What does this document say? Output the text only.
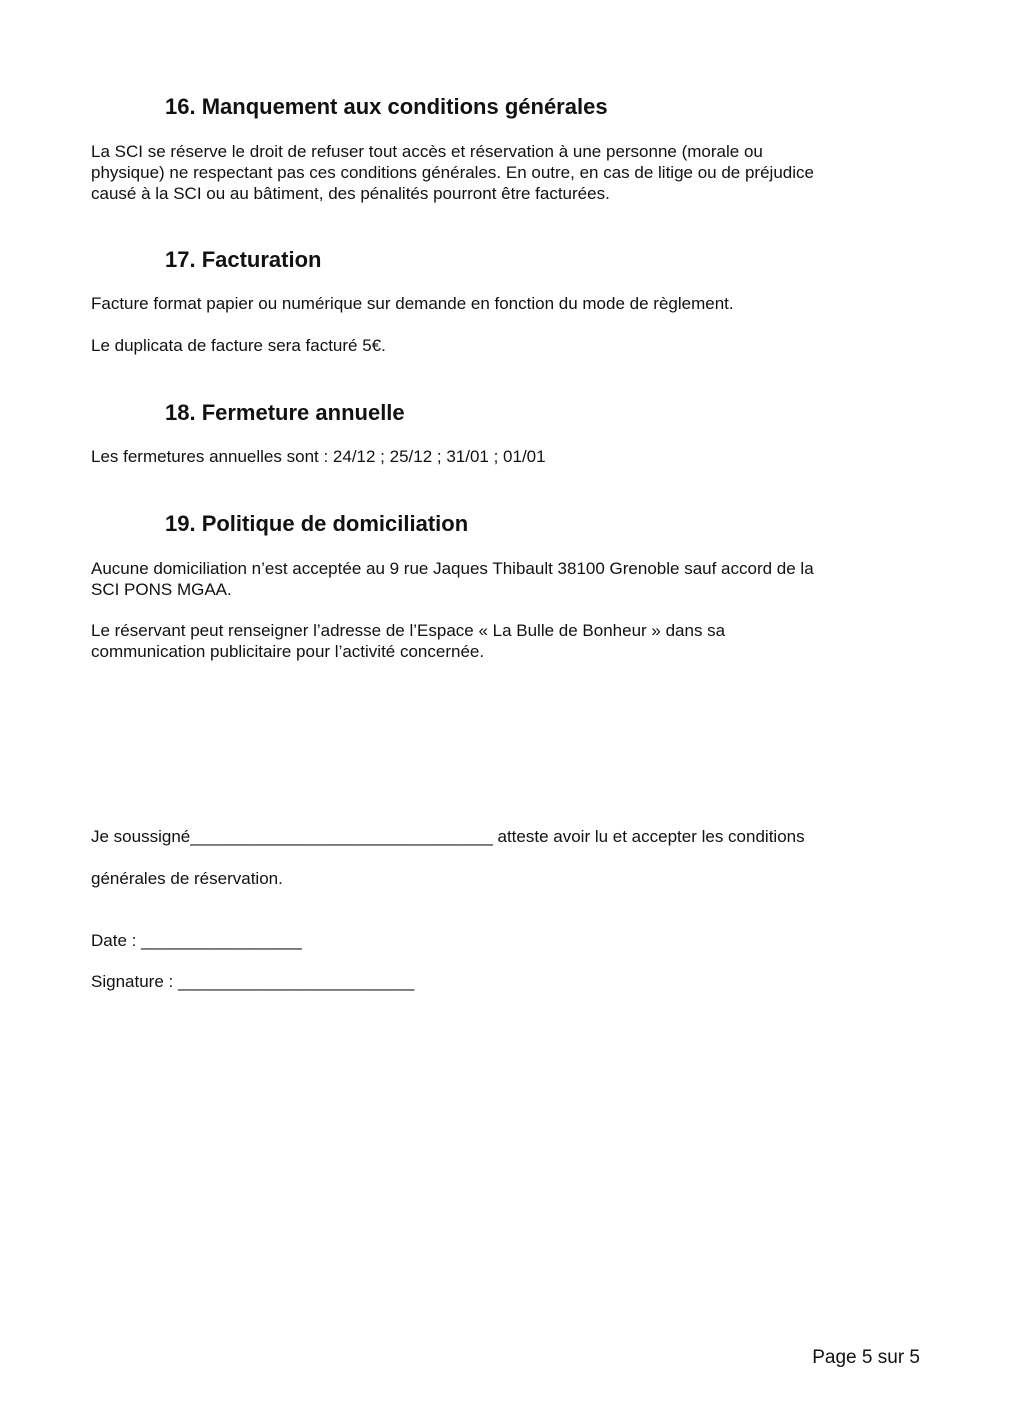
16. Manquement aux conditions générales

La SCI se réserve le droit de refuser tout accès et réservation à une personne (morale ou
physique) ne respectant pas ces conditions générales. En outre, en cas de litige ou de préjudice
causé à la SCI ou au bâtiment, des pénalités pourront être facturées.

17. Facturation

Facture format papier ou numérique sur demande en fonction du mode de règlement.

Le duplicata de facture sera facturé 5€.

18. Fermeture annuelle

Les fermetures annuelles sont : 24/12 ; 25/12 ; 31/01 ; 01/01

19. Politique de domiciliation

Aucune domiciliation n’est acceptée au 9 rue Jaques Thibault 38100 Grenoble sauf accord de la
SCI PONS MGAA.

Le réservant peut renseigner l’adresse de l’Espace « La Bulle de Bonheur » dans sa
communication publicitaire pour l’activité concernée.

Je soussigné________________________________ atteste avoir lu et accepter les conditions

générales de réservation.

Date : _________________

Signature : _________________________

Page 5 sur 5
